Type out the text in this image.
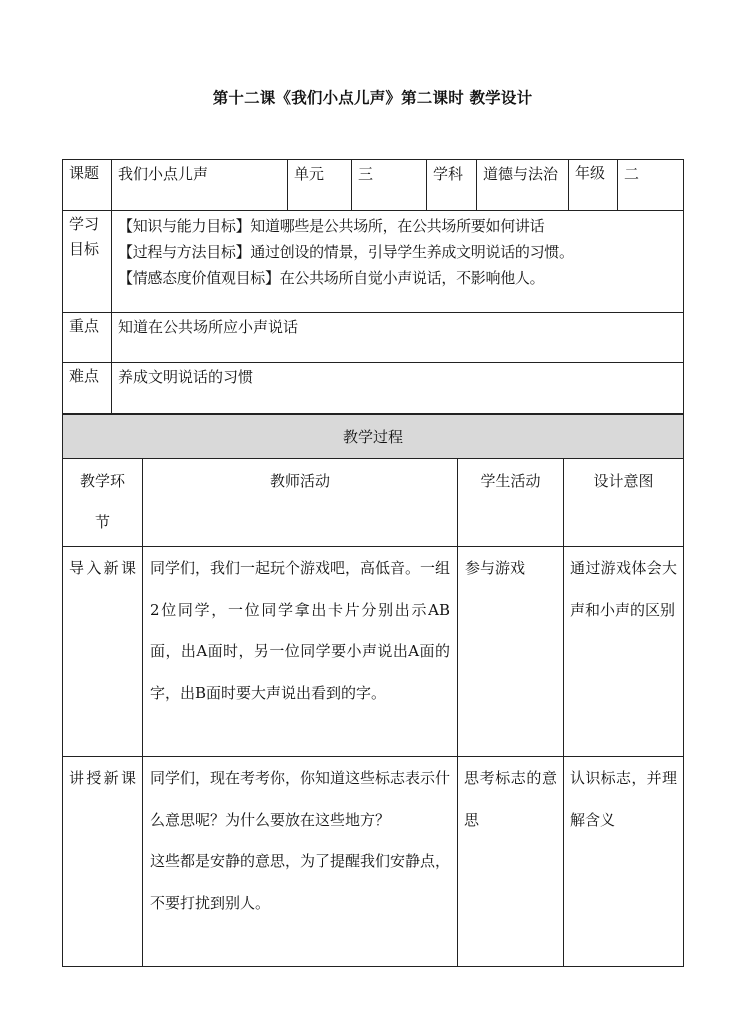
第十二课《我们小点儿声》第二课时 教学设计
课题	我们小点儿声	单元	三	学科	道德与法治	年级	二
学习目标	【知识与能力目标】知道哪些是公共场所，在公共场所要如何讲话
【过程与方法目标】通过创设的情景，引导学生养成文明说话的习惯。
【情感态度价值观目标】在公共场所自觉小声说话，不影响他人。						

重点	知道在公共场所应小声说话						
难点	养成文明说话的习惯						
教学过程			
教学环节	教师活动	学生活动	设计意图
导入新课	同学们，我们一起玩个游戏吧，高低音。一组2位同学，一位同学拿出卡片分别出示AB面，出A面时，另一位同学要小声说出A面的字，出B面时要大声说出看到的字。	参与游戏	通过游戏体会大声和小声的区别
讲授新课	同学们，现在考考你，你知道这些标志表示什么意思呢？为什么要放在这些地方？
这些都是安静的意思，为了提醒我们安静点，不要打扰到别人。	思考标志的意思	认识标志，并理解含义
